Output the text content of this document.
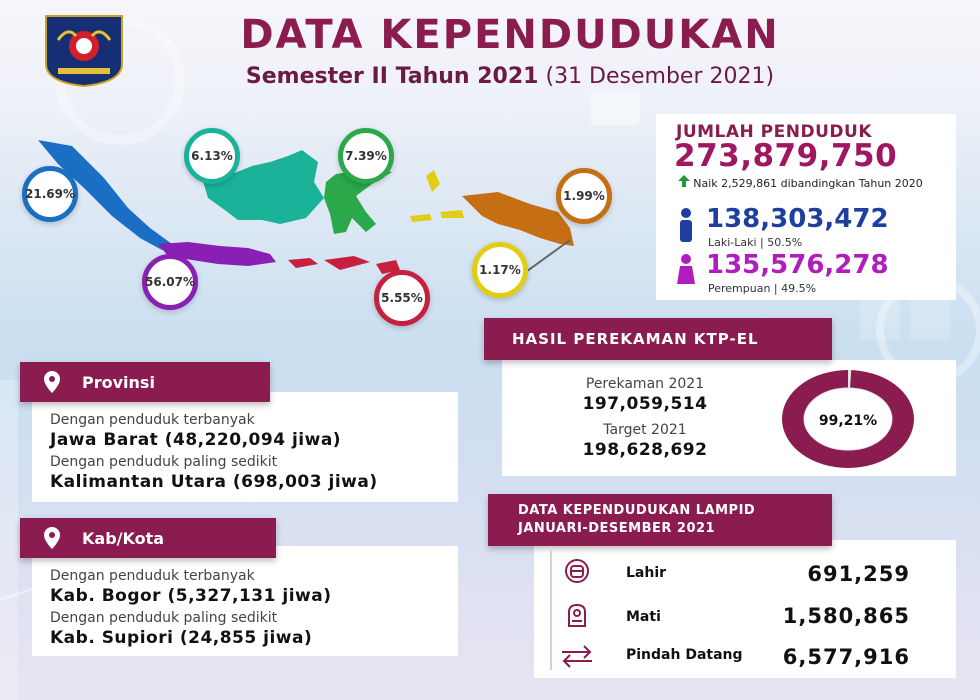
DATA KEPENDUDUKAN
Semester II Tahun 2021 (31 Desember 2021)
21.69%
6.13%	7.39%
56.07%
5.55%
1.17%
1.99%
JUMLAH PENDUDUK
273,879,750
Naik 2,529,861 dibandingkan Tahun 2020
138,303,472
Laki-Laki | 50.5%
135,576,278
Perempuan | 49.5%
HASIL PEREKAMAN KTP-EL
Perekaman 2021
197,059,514
Target 2021
198,628,692
99,21%
Provinsi
Dengan penduduk terbanyak
Jawa Barat (48,220,094 jiwa)
Dengan penduduk paling sedikit
Kalimantan Utara (698,003 jiwa)
Kab/Kota
Dengan penduduk terbanyak
Kab. Bogor (5,327,131 jiwa)
Dengan penduduk paling sedikit
Kab. Supiori (24,855 jiwa)
DATA KEPENDUDUKAN LAMPID
JANUARI-DESEMBER 2021
Lahir	691,259
Mati	1,580,865
Pindah Datang	6,577,916
